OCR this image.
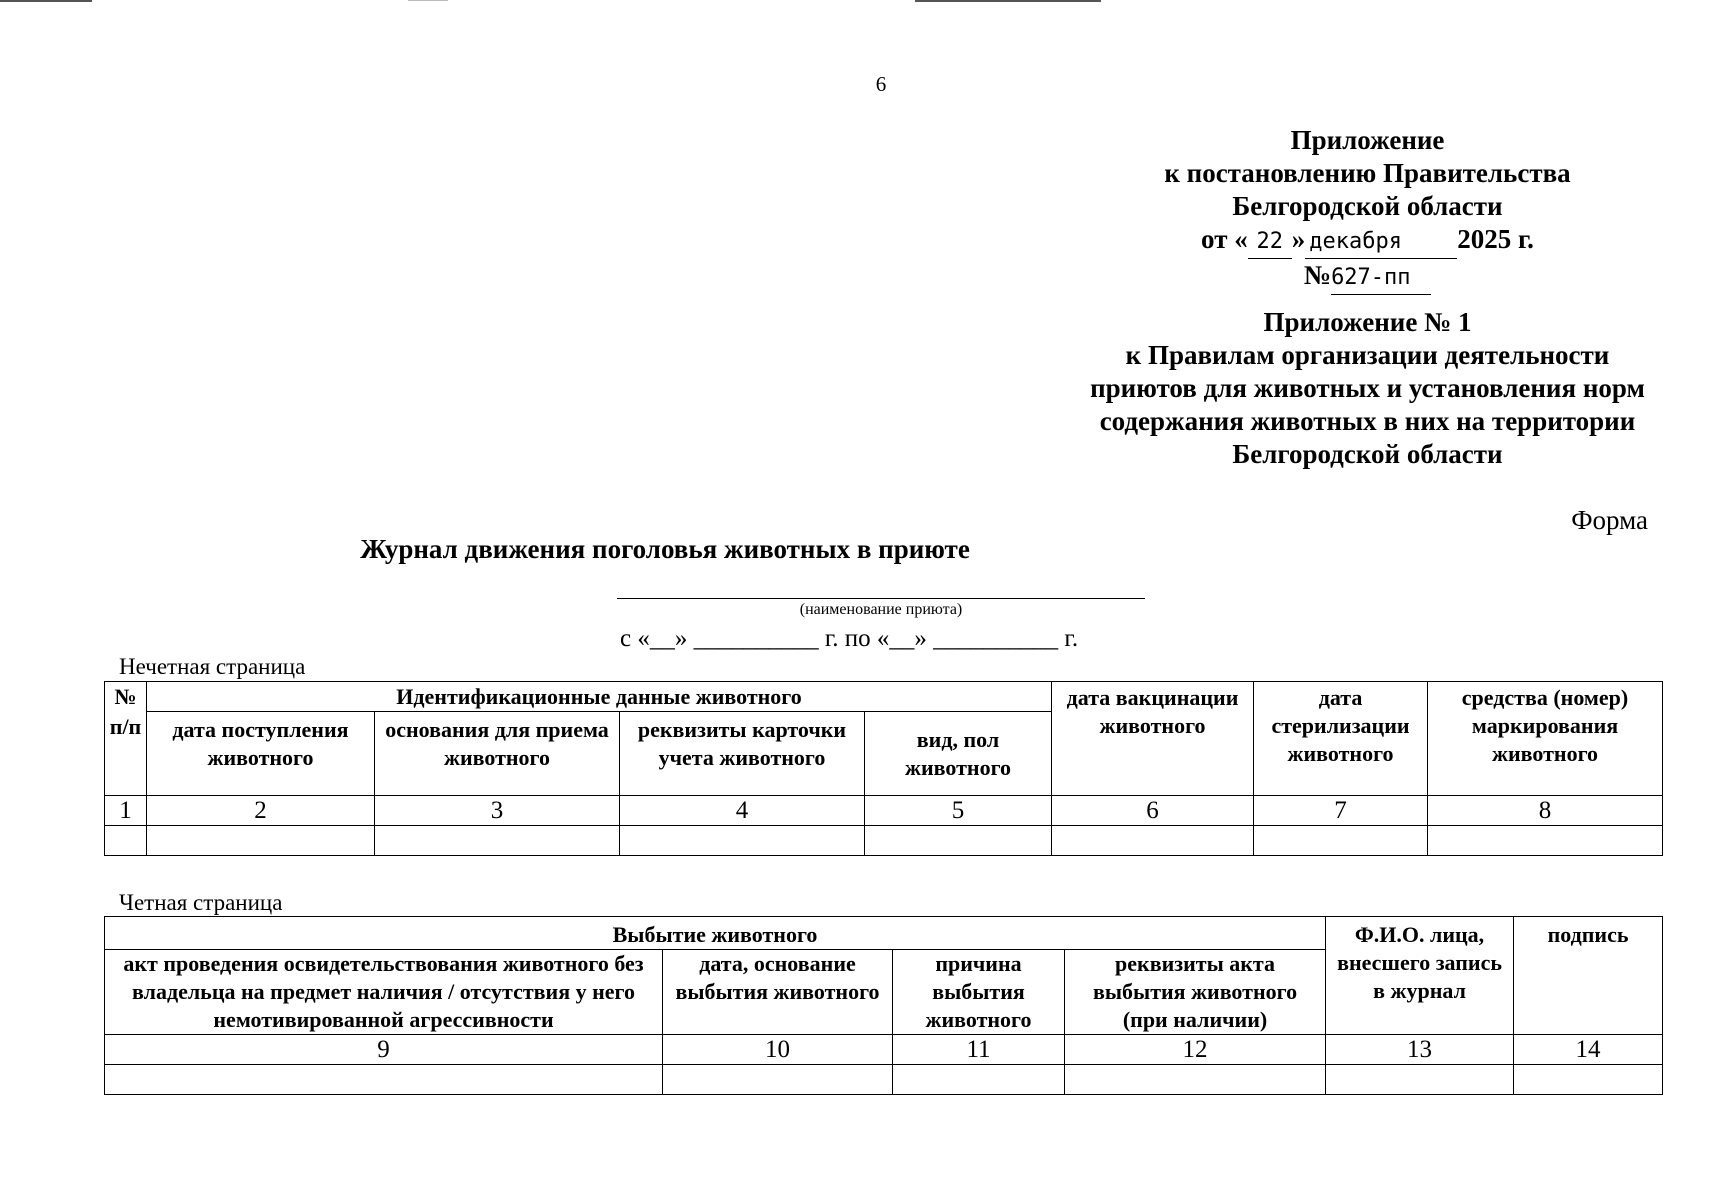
6
Приложение
к постановлению Правительства
Белгородской области
от « 22 » декабря 2025 г.
№627-пп
Приложение № 1
к Правилам организации деятельности
приютов для животных и установления норм
содержания животных в них на территории
Белгородской области
Форма
Журнал движения поголовья животных в приюте
(наименование приюта)
с «__» __________ г. по «__» __________ г.
Нечетная страница
№ п/п	Идентификационные данные животного				дата вакцинации животного	дата стерилизации животного	средства (номер) маркирования животного
	дата поступления животного	основания для приема животного	реквизиты карточки учета животного	вид, пол животного			
1	2	3	4	5	6	7	8

Четная страница
Выбытие животного				Ф.И.О. лица, внесшего запись в журнал	подпись
акт проведения освидетельствования животного без владельца на предмет наличия / отсутствия у него немотивированной агрессивности	дата, основание выбытия животного	причина выбытия животного	реквизиты акта выбытия животного (при наличии)		
9	10	11	12	13	14
